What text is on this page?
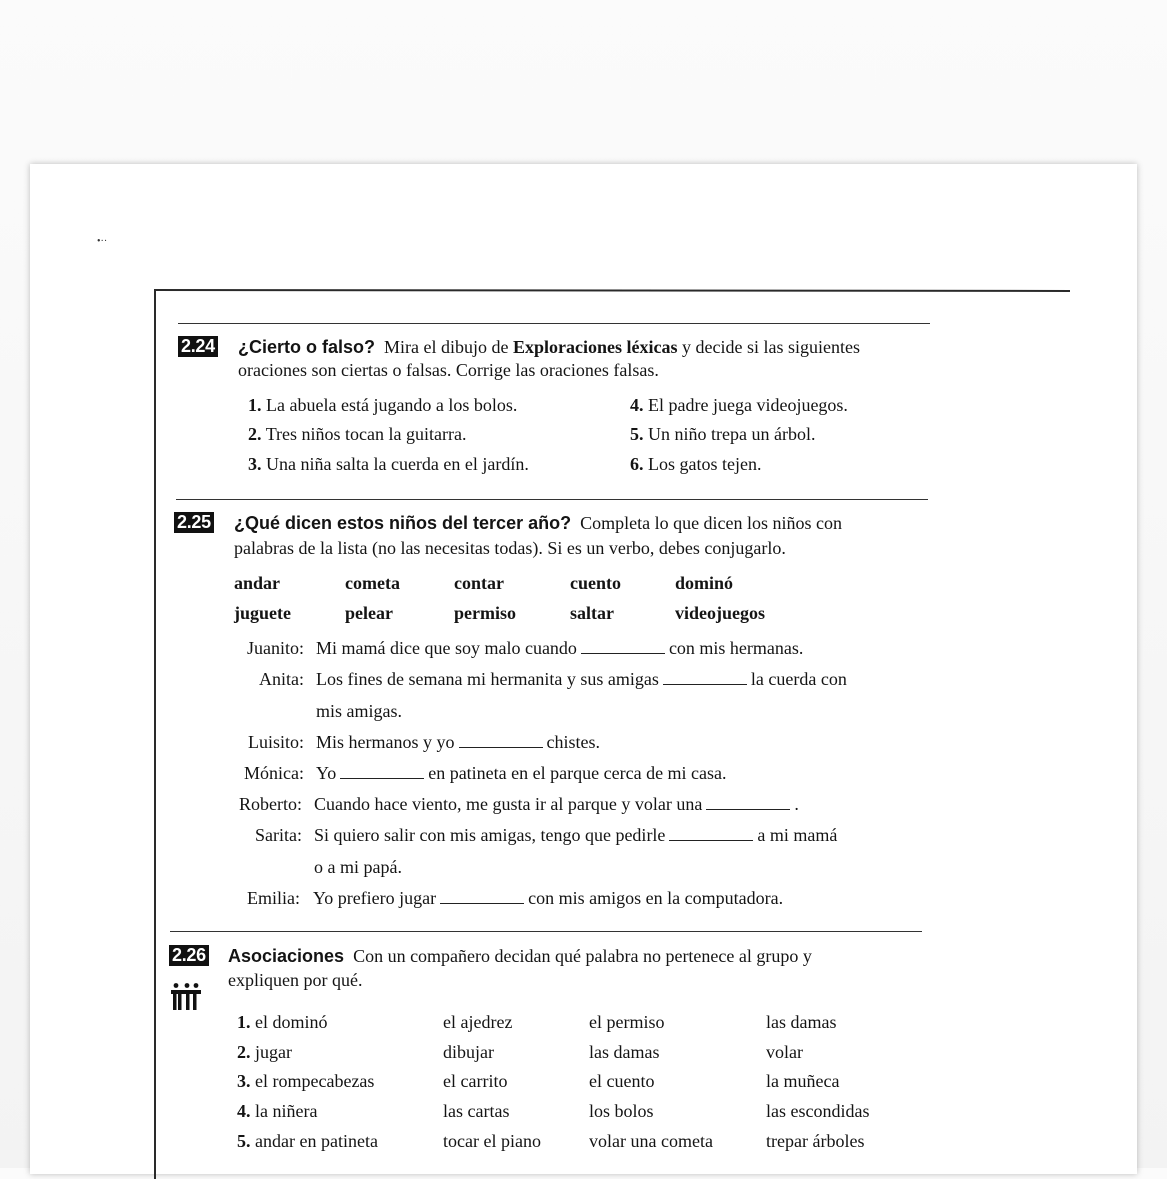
•··
2.24 ¿Cierto o falso? Mira el dibujo de Exploraciones léxicas y decide si las siguientes
oraciones son ciertas o falsas. Corrige las oraciones falsas.
1. La abuela está jugando a los bolos.
2. Tres niños tocan la guitarra.
3. Una niña salta la cuerda en el jardín.
4. El padre juega videojuegos.
5. Un niño trepa un árbol.
6. Los gatos tejen.
2.25 ¿Qué dicen estos niños del tercer año? Completa lo que dicen los niños con
palabras de la lista (no las necesitas todas). Si es un verbo, debes conjugarlo.
andar	cometa	contar	cuento	dominó
juguete	pelear	permiso	saltar	videojuegos
Juanito: Mi mamá dice que soy malo cuando	con mis hermanas.
Anita: Los fines de semana mi hermanita y sus amigas	la cuerda con
mis amigas.
Luisito: Mis hermanos y yo	chistes.
Mónica: Yo	en patineta en el parque cerca de mi casa.
Roberto: Cuando hace viento, me gusta ir al parque y volar una	.
Sarita: Si quiero salir con mis amigas, tengo que pedirle	a mi mamá
o a mi papá.
Emilia: Yo prefiero jugar	con mis amigos en la computadora.
2.26 Asociaciones Con un compañero decidan qué palabra no pertenece al grupo y
expliquen por qué.
1. el dominó	el ajedrez	el permiso	las damas
2. jugar	dibujar	las damas	volar
3. el rompecabezas	el carrito	el cuento	la muñeca
4. la niñera	las cartas	los bolos	las escondidas
5. andar en patineta	tocar el piano	volar una cometa	trepar árboles
